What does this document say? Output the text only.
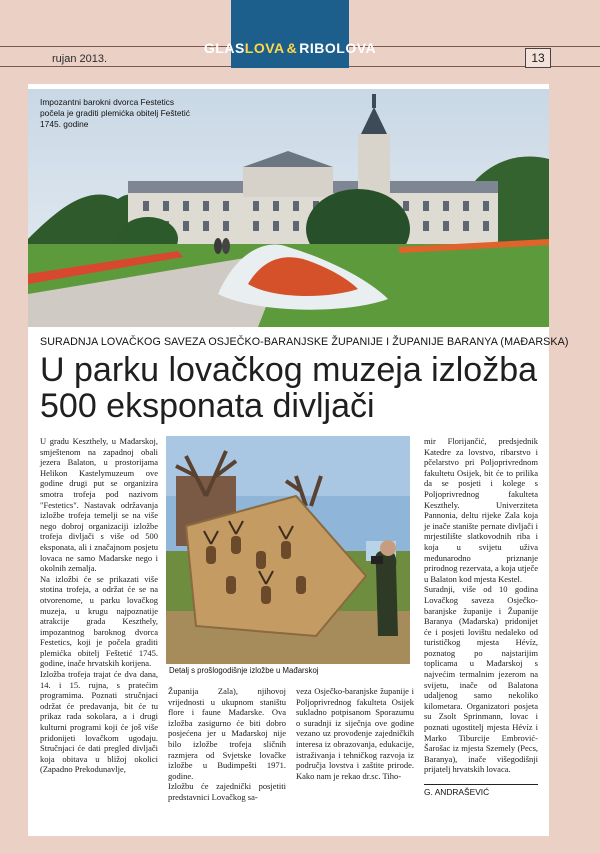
rujan 2013.
GLAS LOVA & RIBOLOVA
13
Impozantni barokni dvorca Festetics počela je graditi plemićka obitelj Feštetić 1745. godine
SURADNJA LOVAČKOG SAVEZA OSJEČKO-BARANJSKE ŽUPANIJE I ŽUPANIJE BARANYA (MAĐARSKA)
U parku lovačkog muzeja izložba 500 eksponata divljači
U gradu Keszthely, u Mađarskoj, smještenom na zapadnoj obali jezera Balaton, u prostorijama Helikon Kastelymuzeum ove godine drugi put se organizira smotra trofeja pod nazivom "Festetics". Nastavak održavanja izložbe trofeja temelji se na više nego dobroj organizaciji izložbe trofeja divljači s više od 500 eksponata, ali i značajnom posjetu lovaca ne samo Mađarske nego i okolnih zemalja.
Na izložbi će se prikazati više stotina trofeja, a održat će se na otvorenome, u parku lovačkog muzeja, u krugu najpoznatije atrakcije grada Keszthely, impozantnog baroknog dvorca Festetics, koji je počela graditi plemićka obitelj Feštetić 1745. godine, inače hrvatskih korijena.
Izložba trofeja trajat će dva dana, 14. i 15. rujna, s pratećim programima. Poznati stručnjaci održat će predavanja, bit će tu prikaz rada sokolara, a i drugi kulturni programi koji će još više pridonijeti lovačkom ugođaju. Stručnjaci će dati pregled divljači koja obitava u bližoj okolici (Zapadno Prekodunavlje,
Detalj s prošlogodišnje izložbe u Mađarskoj
Županija Zala), njihovoj vrijednosti u ukupnom staništu flore i faune Mađarske. Ova izložba zasigurno će biti dobro posjećena jer u Mađarskoj nije bilo izložbe trofeja sličnih razmjera od Svjetske lovačke izložbe u Budimpešti 1971. godine.
Izložbu će zajednički posjetiti predstavnici Lovačkog sa-
veza Osječko-baranjske županije i Poljoprivrednog fakulteta Osijek sukladno potpisanom Sporazumu o suradnji iz siječnja ove godine vezano uz provođenje zajedničkih interesa iz obrazovanja, edukacije, istraživanja i tehničkog razvoja iz područja lovstva i zaštite prirode. Kako nam je rekao dr.sc. Tiho-
mir Florijančić, predsjednik Katedre za lovstvo, ribarstvo i pčelarstvo pri Poljoprivrednom fakultetu Osijek, bit će to prilika da se posjeti i kolege s Poljoprivrednog fakulteta Keszthely. Univerziteta Pannonia, deltu rijeke Zala koja je inače stanište pernate divljači i mrjestilište slatkovodnih riba i koja u svijetu uživa međunarodno priznanje prirodnog rezervata, a koja utječe u Balaton kod mjesta Kestel.
Suradnji, više od 10 godina Lovačkog saveza Osječko-baranjske županije i Županije Baranya (Mađarska) pridonijet će i posjeti lovištu nedaleko od turističkog mjesta Hévíz, poznatog po najstarijim toplicama u Mađarskoj s najvećim termalnim jezerom na svijetu, inače od Balatona udaljenog samo nekoliko kilometara. Organizatori posjeta su Zsolt Sprinmann, lovac i poznati ugostitelj mjesta Hévíz i Marko Tiburcije Embrović-Šarošac iz mjesta Szemely (Pecs, Baranya), inače višegodišnji prijatelj hrvatskih lovaca.
G. ANDRAŠEVIĆ
